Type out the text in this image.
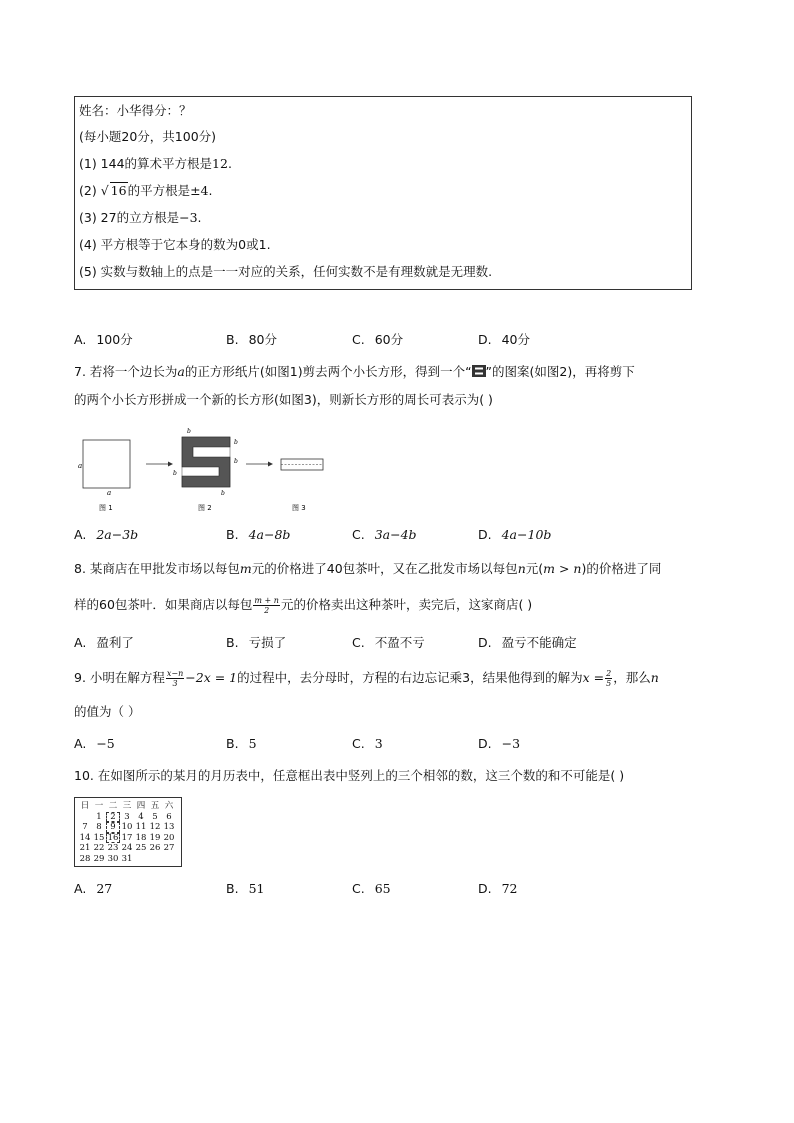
姓名：小华得分：？
(每小题20分，共100分)
(1) 144的算术平方根是12.
(2) √ 16的平方根是±4.
(3) 27的立方根是−3.
(4) 平方根等于它本身的数为0或1.
(5) 实数与数轴上的点是一一对应的关系，任何实数不是有理数就是无理数.
A. 100分	B. 80分	C. 60分	D. 40分
7. 若将一个边长为a的正方形纸片(如图1)剪去两个小长方形，得到一个“ ”的图案(如图2)，再将剪下
的两个小长方形拼成一个新的长方形(如图3)，则新长方形的周长可表示为( )
a
a
图 1
b
b
b
b
b
图 2	图 3
A. 2a−3b	B. 4a−8b	C. 3a−4b	D. 4a−10b
8. 某商店在甲批发市场以每包m元的价格进了40包茶叶，又在乙批发市场以每包n元(m > n)的价格进了同
样的60包茶叶．如果商店以每包 $\frac{m + n}{2}$ 元的价格卖出这种茶叶，卖完后，这家商店( )
A. 盈利了	B. 亏损了	C. 不盈不亏	D. 盈亏不能确定
9. 小明在解方程 $\frac{x-n}{3} -2x = 1$的过程中，去分母时，方程的右边忘记乘3，结果他得到的解为$x = \frac{2}{5}$ ，那么n
的值为（ ）
A. −5	B. 5	C. 3	D. −3
10. 在如图所示的某月的月历表中，任意框出表中竖列上的三个相邻的数，这三个数的和不可能是( )
日	一	二	三	四	五	六
	1	2	3	4	5	6
7	8	9	10	11	12	13
14	15	16	17	18	19	20
21	22	23	24	25	26	27
28	29	30	31			
A. 27	B. 51	C. 65	D. 72
